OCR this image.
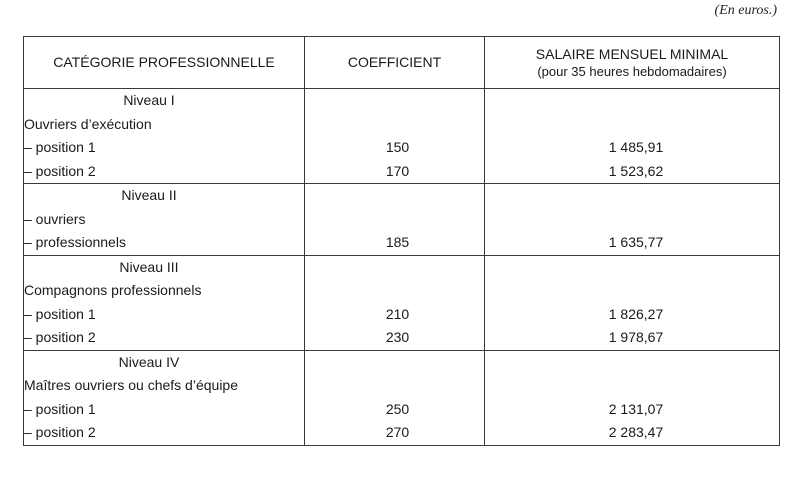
(En euros.)
CATÉGORIE PROFESSIONNELLE	COEFFICIENT	SALAIRE MENSUEL MINIMAL
(pour 35 heures hebdomadaires)

Niveau I		
Ouvriers d’exécution		
– position 1	150	1 485,91
– position 2	170	1 523,62
Niveau II		
– ouvriers		
– professionnels	185	1 635,77
Niveau III		
Compagnons professionnels		
– position 1	210	1 826,27
– position 2	230	1 978,67
Niveau IV		
Maîtres ouvriers ou chefs d’équipe		
– position 1	250	2 131,07
– position 2	270	2 283,47
